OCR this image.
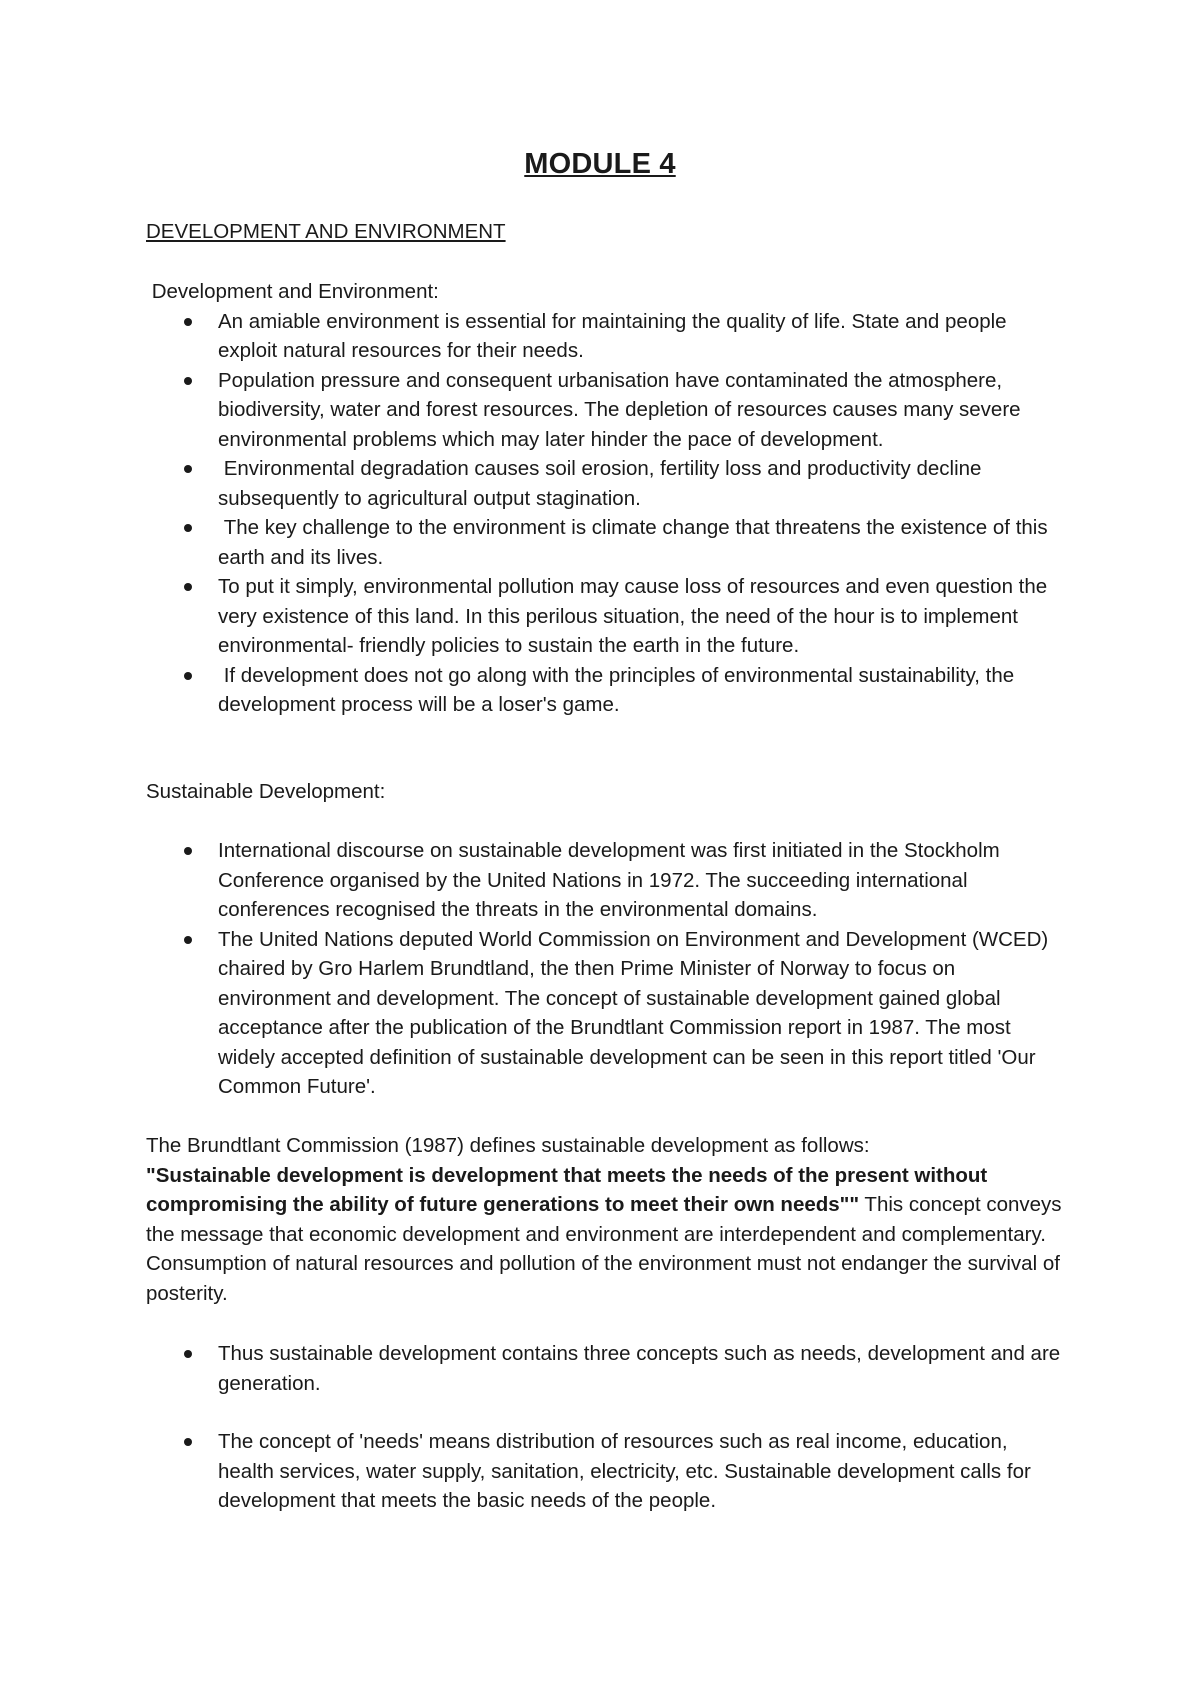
MODULE 4
DEVELOPMENT AND ENVIRONMENT

Development and Environment:

An amiable environment is essential for maintaining the quality of life. State and people exploit natural resources for their needs.
Population pressure and consequent urbanisation have contaminated the atmosphere, biodiversity, water and forest resources. The depletion of resources causes many severe environmental problems which may later hinder the pace of development.
Environmental degradation causes soil erosion, fertility loss and productivity decline subsequently to agricultural output stagination.
The key challenge to the environment is climate change that threatens the existence of this earth and its lives.
To put it simply, environmental pollution may cause loss of resources and even question the very existence of this land. In this perilous situation, the need of the hour is to implement environmental- friendly policies to sustain the earth in the future.
If development does not go along with the principles of environmental sustainability, the development process will be a loser's game.

Sustainable Development:

International discourse on sustainable development was first initiated in the Stockholm Conference organised by the United Nations in 1972. The succeeding international conferences recognised the threats in the environmental domains.
The United Nations deputed World Commission on Environment and Development (WCED) chaired by Gro Harlem Brundtland, the then Prime Minister of Norway to focus on environment and development. The concept of sustainable development gained global acceptance after the publication of the Brundtlant Commission report in 1987. The most widely accepted definition of sustainable development can be seen in this report titled 'Our Common Future'.

The Brundtlant Commission (1987) defines sustainable development as follows:

"Sustainable development is development that meets the needs of the present without compromising the ability of future generations to meet their own needs"" This concept conveys the message that economic development and environment are interdependent and complementary. Consumption of natural resources and pollution of the environment must not endanger the survival of posterity.

Thus sustainable development contains three concepts such as needs, development and are generation.
The concept of 'needs' means distribution of resources such as real income, education, health services, water supply, sanitation, electricity, etc. Sustainable development calls for development that meets the basic needs of the people.
